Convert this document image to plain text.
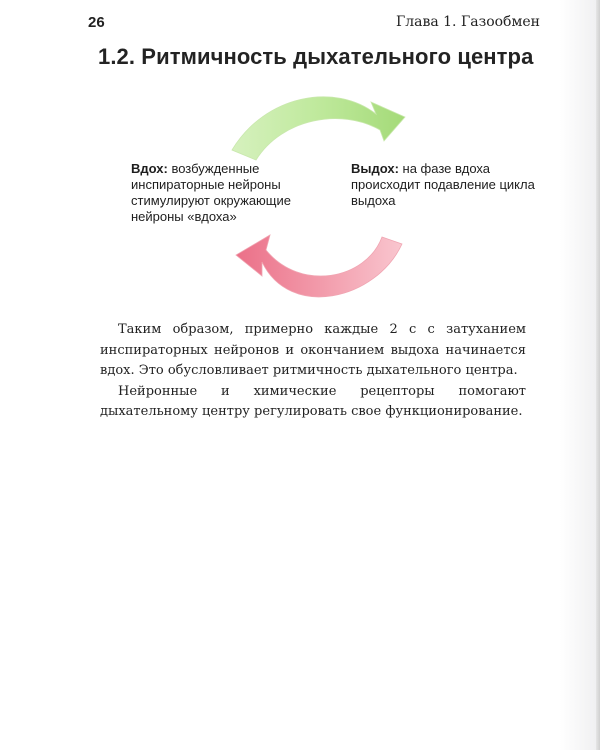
26	Глава 1. Газообмен
1.2. Ритмичность дыхательного центра
Вдох: возбужденные инспираторные нейроны стимулируют окружающие нейроны «вдоха»
Выдох: на фазе вдоха происходит подавление цикла выдоха

Таким образом, примерно каждые 2 с с затуханием инспираторных нейронов и окончанием выдоха начинается вдох. Это обусловливает ритмичность дыхательного центра.

Нейронные и химические рецепторы помогают дыхательному центру регулировать свое функционирование.
